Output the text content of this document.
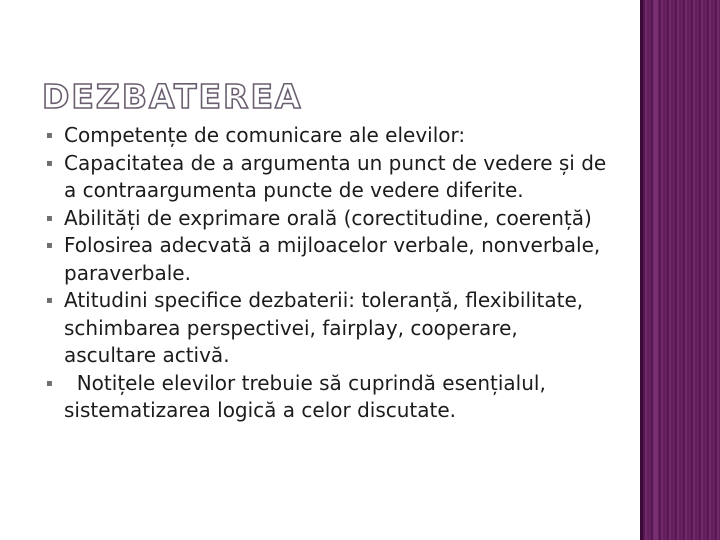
DEZBATEREA
▪ Competențe de comunicare ale elevilor:
▪ Capacitatea de a argumenta un punct de vedere și de a contraargumenta puncte de vedere diferite.
▪ Abilități de exprimare orală (corectitudine, coerență)
▪ Folosirea adecvată a mijloacelor verbale, nonverbale, paraverbale.
▪ Atitudini specifice dezbaterii: toleranță, flexibilitate, schimbarea perspectivei, fairplay, cooperare, ascultare activă.
▪ Notițele elevilor trebuie să cuprindă esențialul, sistematizarea logică a celor discutate.
